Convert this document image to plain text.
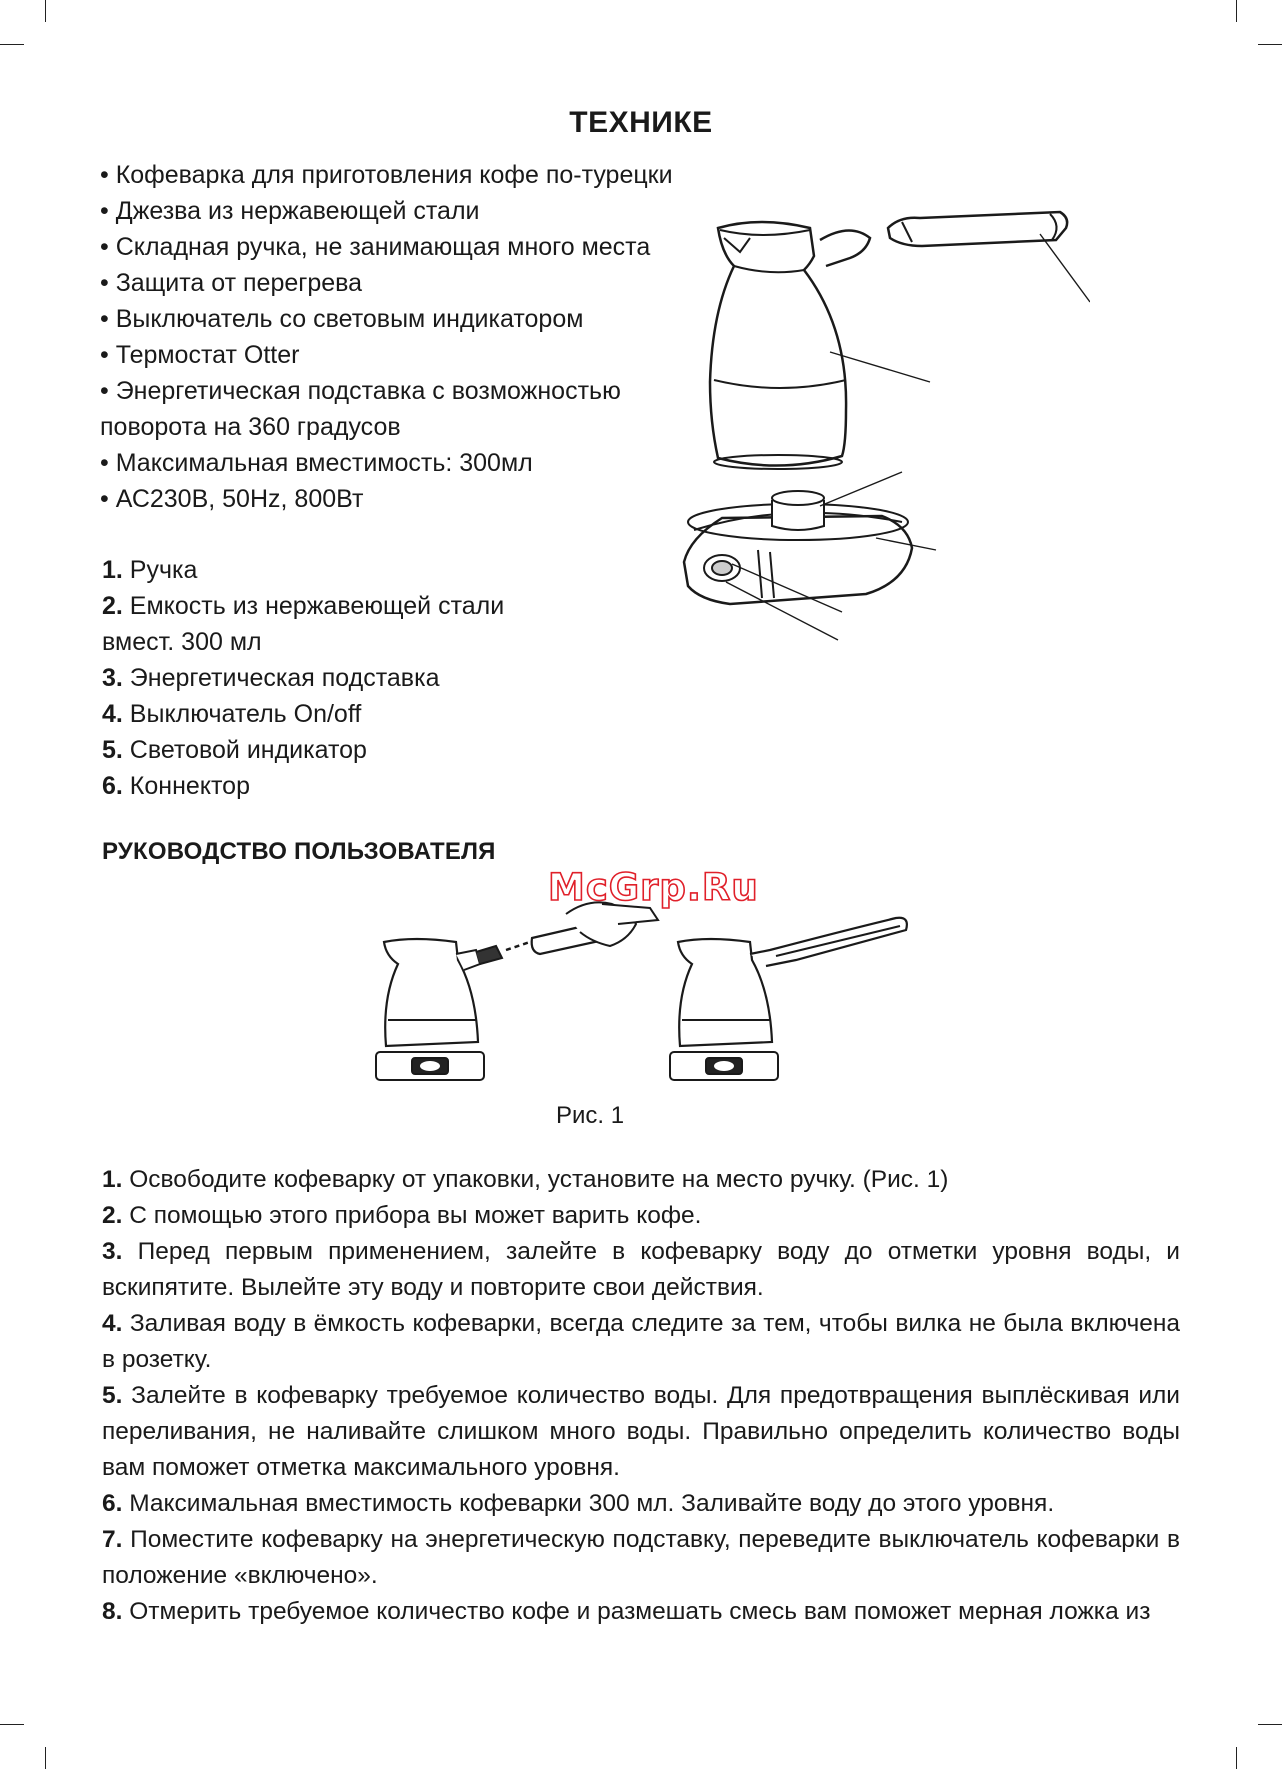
ТЕХНИКЕ
• Кофеварка для приготовления кофе по-турецки
• Джезва из нержавеющей стали
• Складная ручка, не занимающая много места
• Защита от перегрева
• Выключатель со световым индикатором
• Термостат Otter
• Энергетическая подставка с возможностью
поворота на 360 градусов
• Максимальная вместимость: 300мл
• АС230В, 50Hz, 800Вт
1. Ручка
2. Емкость из нержавеющей стали
вмест. 300 мл
3. Энергетическая подставка
4. Выключатель On/off
5. Световой индикатор
6. Коннектор
РУКОВОДСТВО ПОЛЬЗОВАТЕЛЯ
McGrp.Ru
Рис. 1
1. Освободите кофеварку от упаковки, установите на место ручку. (Рис. 1)
2. С помощью этого прибора вы может варить кофе.
3. Перед первым применением, залейте в кофеварку воду до отметки уровня воды, и вскипятите. Вылейте эту воду и повторите свои действия.
4. Заливая воду в ёмкость кофеварки, всегда следите за тем, чтобы вилка не была включена в розетку.
5. Залейте в кофеварку требуемое количество воды. Для предотвращения выплёскивая или переливания, не наливайте слишком много воды. Правильно определить количество воды вам поможет отметка максимального уровня.
6. Максимальная вместимость кофеварки 300 мл. Заливайте воду до этого уровня.
7. Поместите кофеварку на энергетическую подставку, переведите выключатель кофеварки в положение «включено».
8. Отмерить требуемое количество кофе и размешать смесь вам поможет мерная ложка из
